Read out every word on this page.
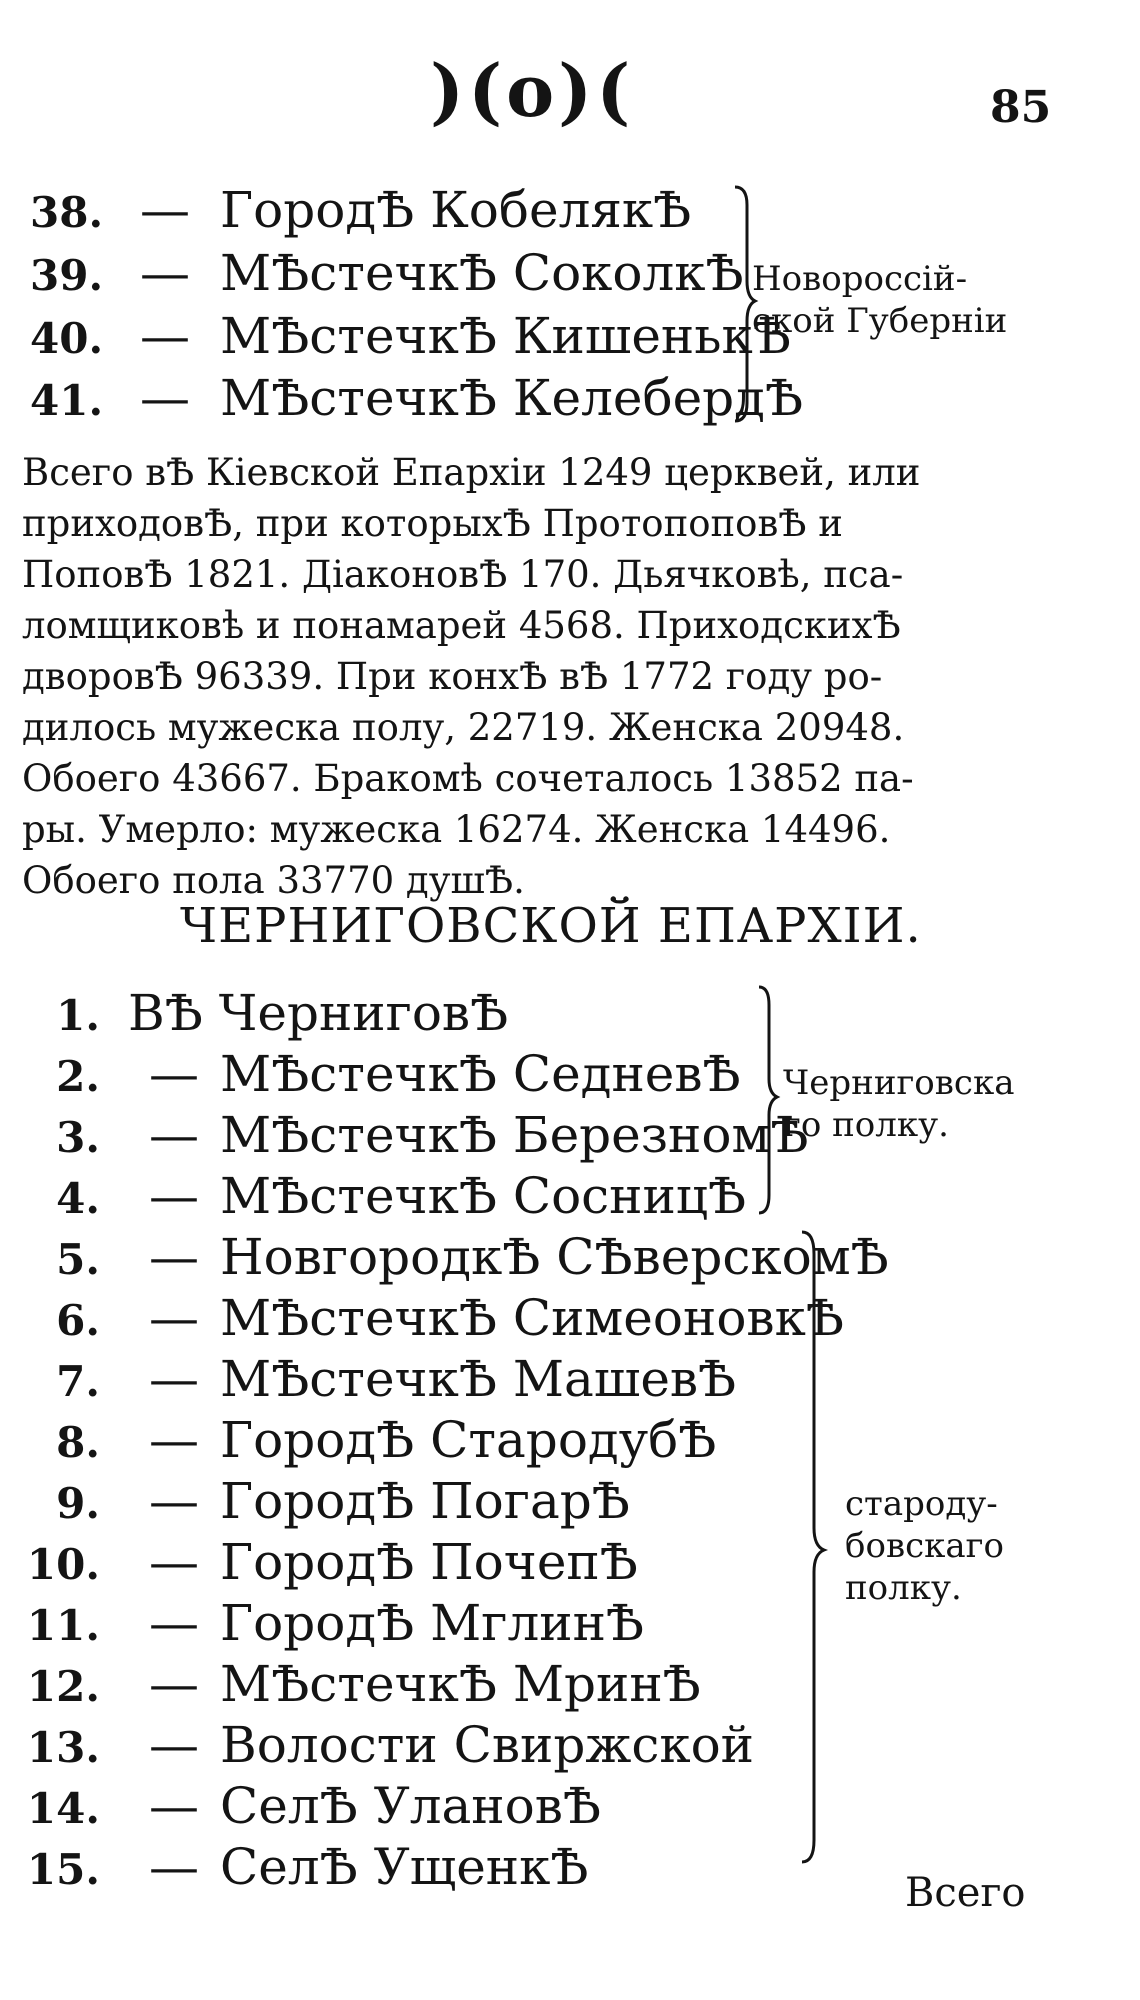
)(o)(	85
38. — ГородѢ КобелякѢ
39. — МѢстечкѢ СоколкѢ
40. — МѢстечкѢ КишенькѢ
41. — МѢстечкѢ КелебердѢ
Новороссій-
ской Губерніи
Всего вѢ Кіевской Епархіи 1249 церквей, или
приходовѢ, при которыхѢ ПротопоповѢ и
ПоповѢ 1821. ДіаконовѢ 170. Дьячковѣ, пса-
ломщиковѣ и понамарей 4568. ПриходскихѢ
дворовѢ 96339. При конхѢ вѢ 1772 году ро-
дилось мужеска полу, 22719. Женска 20948.
Обоего 43667. Бракомѣ сочеталось 13852 па-
ры. Умерло: мужеска 16274. Женска 14496.
Обоего пола 33770 душѢ.
ЧЕРНИГОВСКОЙ ЕПАРХІИ.
1. ВѢ ЧерниговѢ
2. — МѢстечкѢ СедневѢ
3. — МѢстечкѢ БерезномѢ
4. — МѢстечкѢ СосницѢ
5. — НовгородкѢ СѢверскомѢ
6. — МѢстечкѢ СимеоновкѢ
7. — МѢстечкѢ МашевѢ
8. — ГородѢ СтародубѢ
9. — ГородѢ ПогарѢ
10. — ГородѢ ПочепѢ
11. — ГородѢ МглинѢ
12. — МѢстечкѢ МринѢ
13. — Волости Свиржской
14. — СелѢ УлановѢ
15. — СелѢ УщенкѢ
Черниговска
го полку.
староду-
бовскаго
полку.
Всего
